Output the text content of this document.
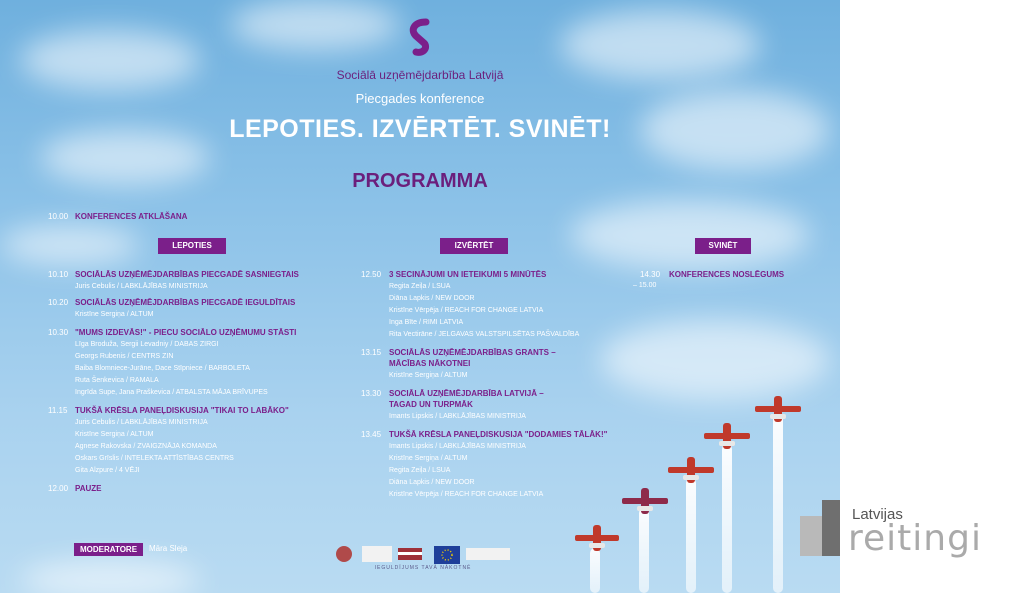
Sociālā uzņēmējdarbība Latvijā
Piecgades konference
LEPOTIES. IZVĒRTĒT. SVINĒT!
PROGRAMMA
10.00 KONFERENCES ATKLĀŠANA
LEPOTIES	IZVĒRTĒT	SVINĒT
10.10 SOCIĀLĀS UZŅĒMĒJDARBĪBAS PIECGADĒ SASNIEGTAIS
Juris Cebulis / LABKLĀJĪBAS MINISTRIJA
10.20 SOCIĀLĀS UZŅĒMĒJDARBĪBAS PIECGADĒ IEGULDĪTAIS
Kristīne Sergiņa / ALTUM
10.30 "MUMS IZDEVĀS!" - PIECU SOCIĀLO UZŅĒMUMU STĀSTI
Līga Broduža, Sergii Levadniy / DABAS ZIRGI
Georgs Rubenis / CENTRS ZIN
Baiba Blomniece-Jurāne, Dace Stīpniece / BARBOLETA
Ruta Šenkevica / RAMALA
Ingrīda Supe, Jana Praškevica / ATBALSTA MĀJA BRĪVUPES
11.15 TUKŠĀ KRĒSLA PANEĻDISKUSIJA "TIKAI TO LABĀKO"
Juris Cebulis / LABKLĀJĪBAS MINISTRIJA
Kristīne Sergiņa / ALTUM
Agnese Rakovska / ZVAIGZNĀJA KOMANDA
Oskars Grīslis / INTELEKTA ATTĪSTĪBAS CENTRS
Gita Alzpure / 4 VĒJI
12.00 PAUZE
12.50 3 SECINĀJUMI UN IETEIKUMI 5 MINŪTĒS
Regita Zeiļa / LSUA
Diāna Lapkis / NEW DOOR
Kristīne Vērpēja / REACH FOR CHANGE LATVIA
Inga Bīte / RIMI LATVIA
Rita Vectirāne / JELGAVAS VALSTSPILSĒTAS PAŠVALDĪBA
13.15 SOCIĀLĀS UZŅĒMĒJDARBĪBAS GRANTS –
MĀCĪBAS NĀKOTNEI
Kristīne Sergiņa / ALTUM
13.30 SOCIĀLĀ UZŅĒMĒJDARBĪBA LATVIJĀ –
TAGAD UN TURPMĀK
Imants Lipskis / LABKLĀJĪBAS MINISTRIJA
13.45 TUKŠĀ KRĒSLA PANEĻDISKUSIJA "DODAMIES TĀLĀK!"
Imants Lipskis / LABKLĀJĪBAS MINISTRIJA
Kristīne Sergiņa / ALTUM
Regita Zeiļa / LSUA
Diāna Lapkis / NEW DOOR
Kristīne Vērpēja / REACH FOR CHANGE LATVIA
14.30 KONFERENCES NOSLĒGUMS
– 15.00
MODERATORE	Māra Sleja
IEGULDĪJUMS TAVĀ NĀKOTNĒ
Latvijas
reitingi
